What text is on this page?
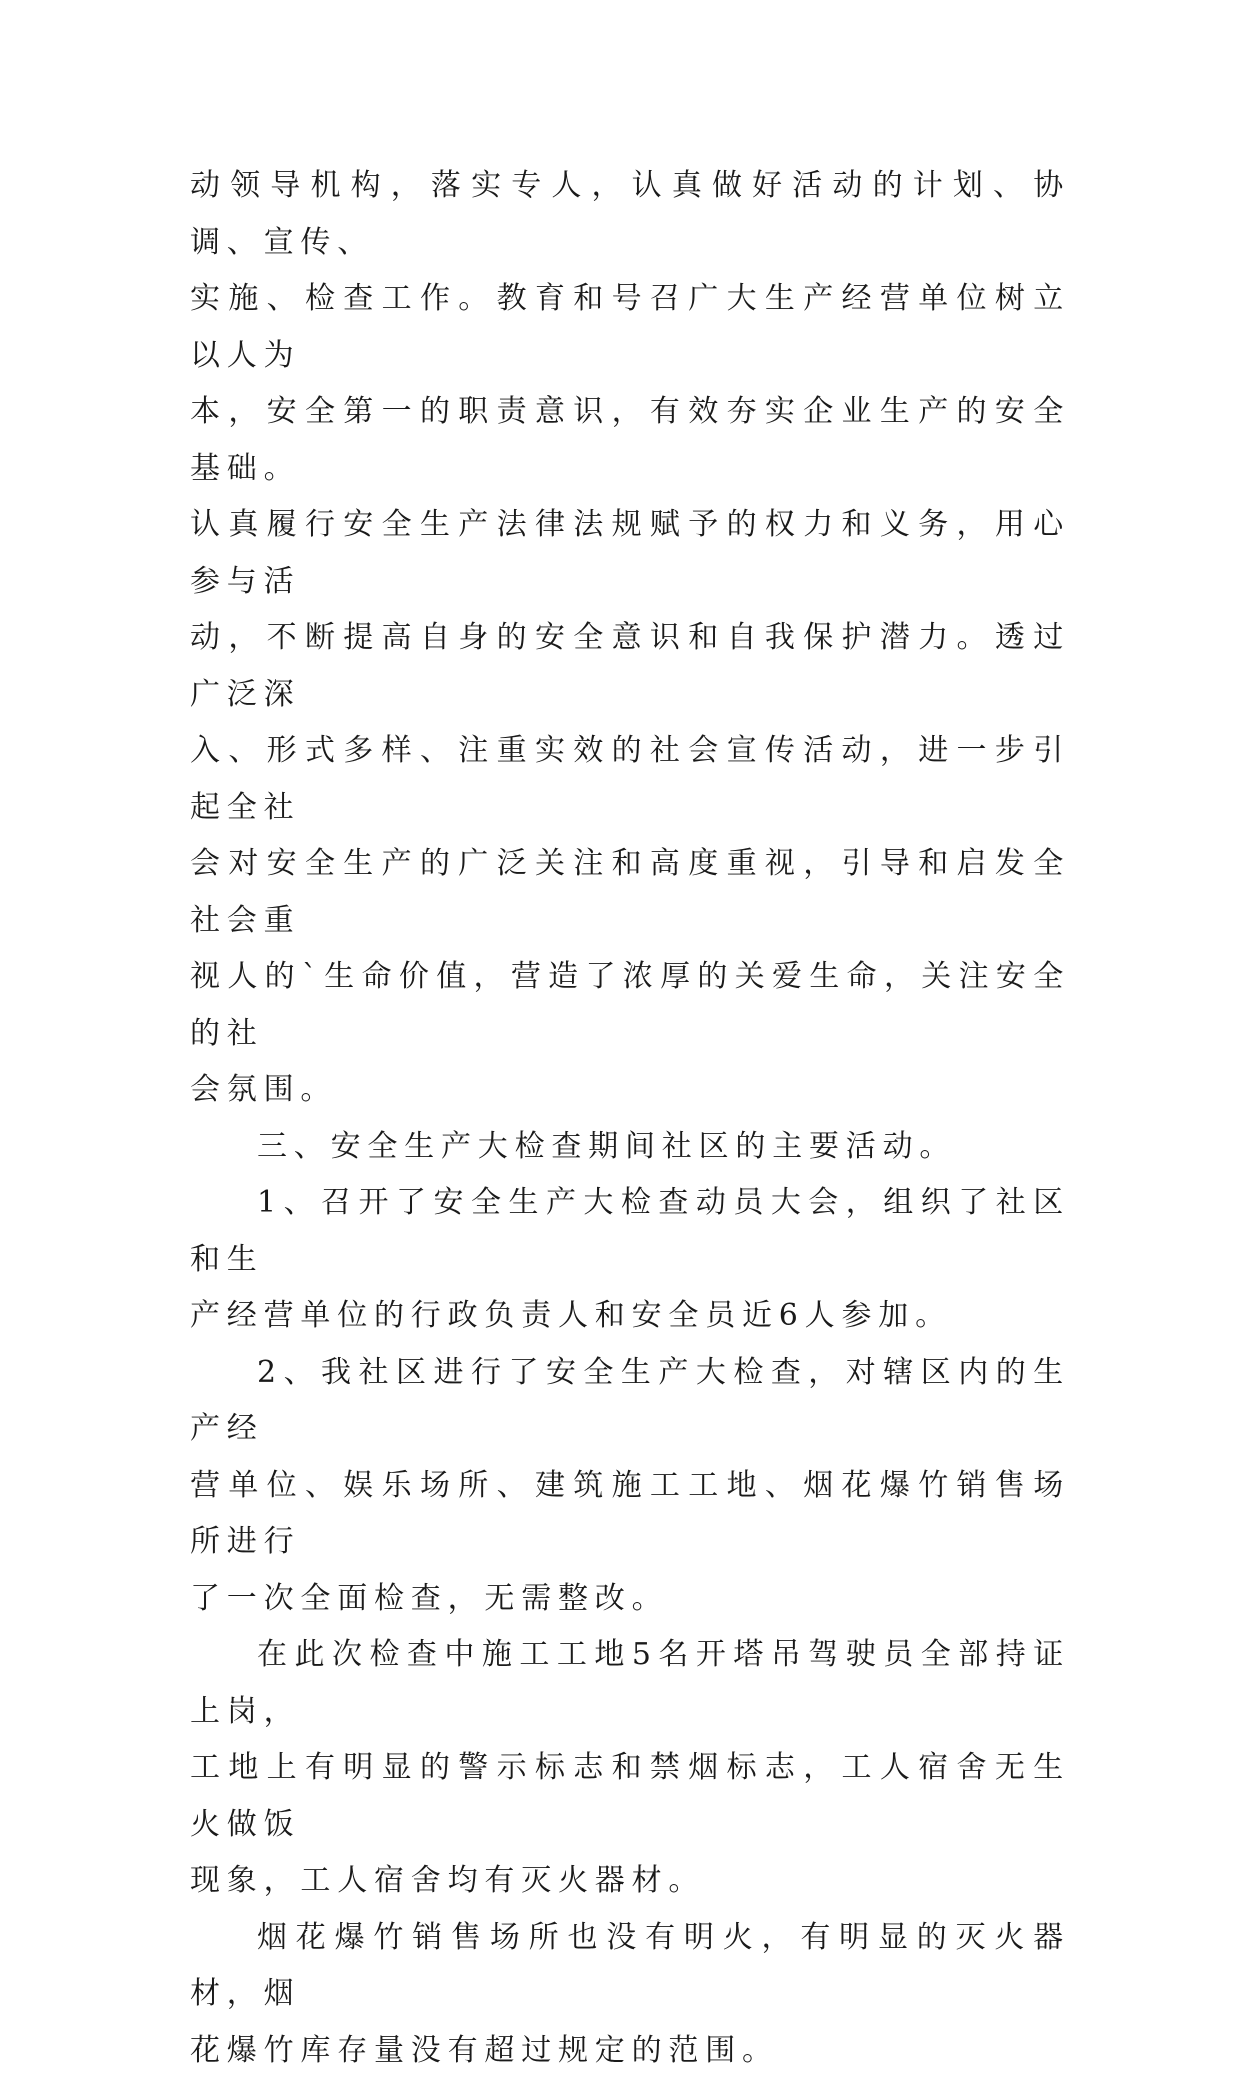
动领导机构，落实专人，认真做好活动的计划、协调、宣传、
实施、检查工作。教育和号召广大生产经营单位树立以人为
本，安全第一的职责意识，有效夯实企业生产的安全基础。
认真履行安全生产法律法规赋予的权力和义务，用心参与活
动，不断提高自身的安全意识和自我保护潜力。透过广泛深
入、形式多样、注重实效的社会宣传活动，进一步引起全社
会对安全生产的广泛关注和高度重视，引导和启发全社会重
视人的`生命价值，营造了浓厚的关爱生命，关注安全的社
会氛围。

三、安全生产大检查期间社区的主要活动。

1、召开了安全生产大检查动员大会，组织了社区和生
产经营单位的行政负责人和安全员近6人参加。

2、我社区进行了安全生产大检查，对辖区内的生产经
营单位、娱乐场所、建筑施工工地、烟花爆竹销售场所进行
了一次全面检查，无需整改。

在此次检查中施工工地5名开塔吊驾驶员全部持证上岗，
工地上有明显的警示标志和禁烟标志，工人宿舍无生火做饭
现象，工人宿舍均有灭火器材。

烟花爆竹销售场所也没有明火，有明显的灭火器材，烟
花爆竹库存量没有超过规定的范围。
